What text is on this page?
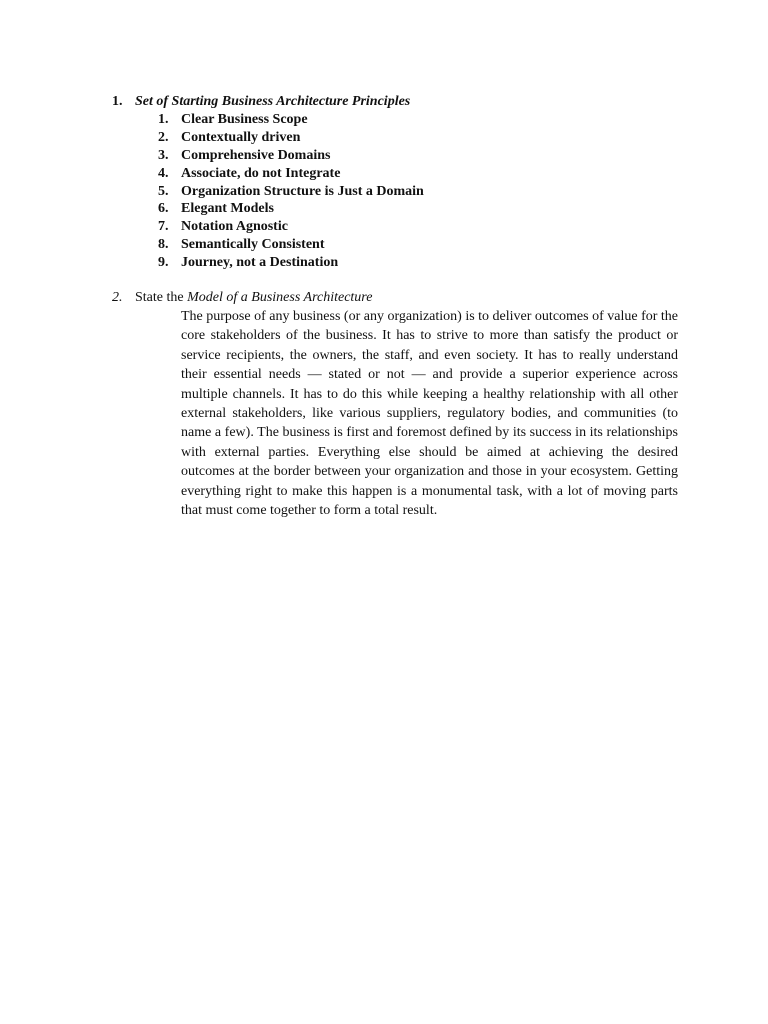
1. Set of Starting Business Architecture Principles
1. Clear Business Scope
2. Contextually driven
3. Comprehensive Domains
4. Associate, do not Integrate
5. Organization Structure is Just a Domain
6. Elegant Models
7. Notation Agnostic
8. Semantically Consistent
9. Journey, not a Destination
2. State the Model of a Business Architecture

The purpose of any business (or any organization) is to deliver outcomes of value for the core stakeholders of the business. It has to strive to more than satisfy the product or service recipients, the owners, the staff, and even society. It has to really understand their essential needs — stated or not — and provide a superior experience across multiple channels. It has to do this while keeping a healthy relationship with all other external stakeholders, like various suppliers, regulatory bodies, and communities (to name a few). The business is first and foremost defined by its success in its relationships with external parties. Everything else should be aimed at achieving the desired outcomes at the border between your organization and those in your ecosystem. Getting everything right to make this happen is a monumental task, with a lot of moving parts that must come together to form a total result.
